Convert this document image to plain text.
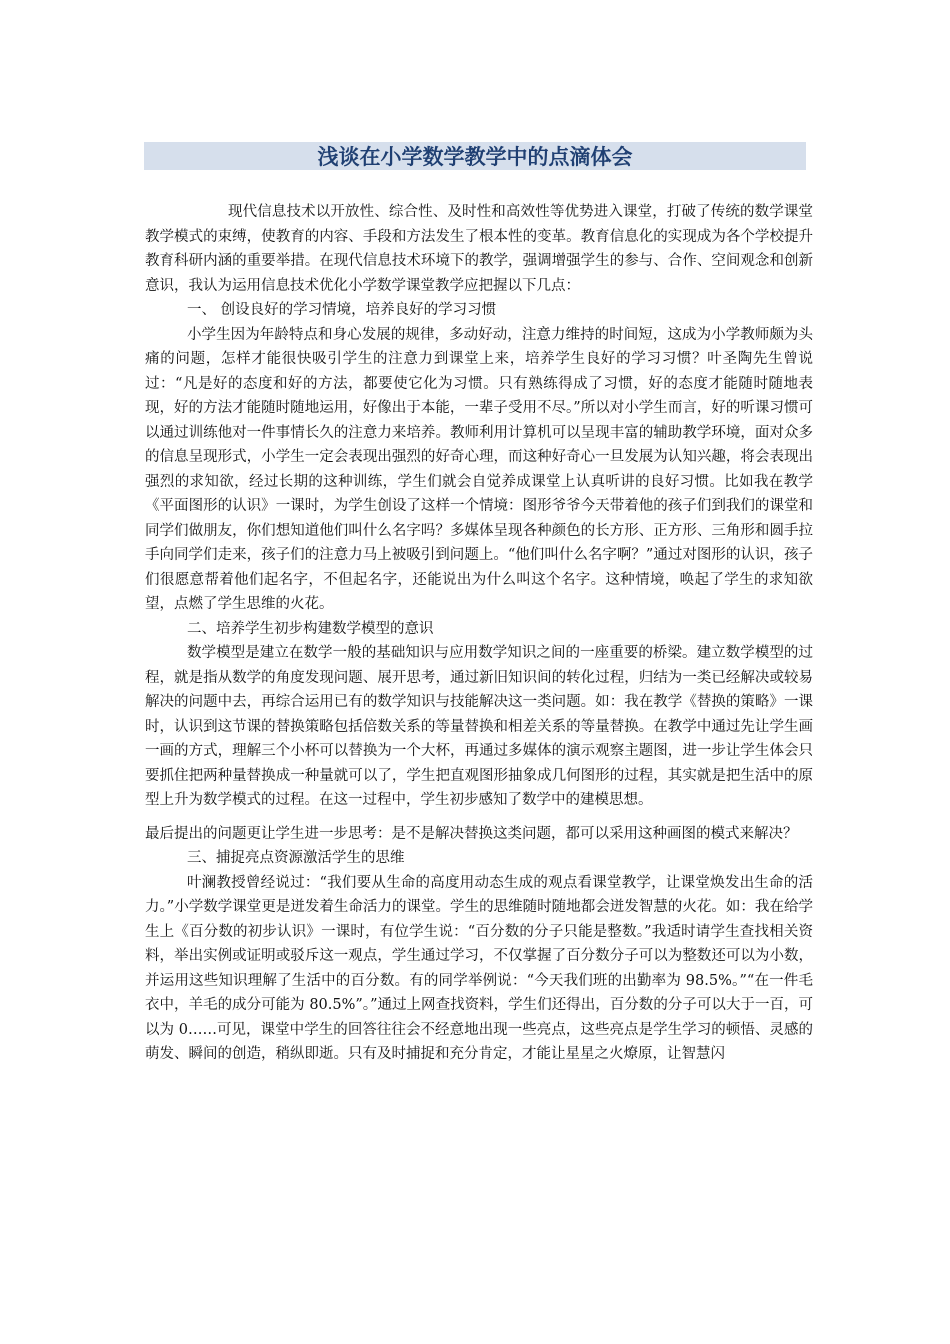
浅谈在小学数学教学中的点滴体会

现代信息技术以开放性、综合性、及时性和高效性等优势进入课堂，打破了传统的数学课堂教学模式的束缚，使教育的内容、手段和方法发生了根本性的变革。教育信息化的实现成为各个学校提升教育科研内涵的重要举措。在现代信息技术环境下的教学，强调增强学生的参与、合作、空间观念和创新意识，我认为运用信息技术优化小学数学课堂教学应把握以下几点：

一、 创设良好的学习情境，培养良好的学习习惯

小学生因为年龄特点和身心发展的规律，多动好动，注意力维持的时间短，这成为小学教师颇为头痛的问题，怎样才能很快吸引学生的注意力到课堂上来，培养学生良好的学习习惯？叶圣陶先生曾说过：“凡是好的态度和好的方法，都要使它化为习惯。只有熟练得成了习惯，好的态度才能随时随地表现，好的方法才能随时随地运用，好像出于本能，一辈子受用不尽。”所以对小学生而言，好的听课习惯可以通过训练他对一件事情长久的注意力来培养。教师利用计算机可以呈现丰富的辅助教学环境，面对众多的信息呈现形式，小学生一定会表现出强烈的好奇心理，而这种好奇心一旦发展为认知兴趣，将会表现出强烈的求知欲，经过长期的这种训练，学生们就会自觉养成课堂上认真听讲的良好习惯。比如我在教学《平面图形的认识》一课时，为学生创设了这样一个情境：图形爷爷今天带着他的孩子们到我们的课堂和同学们做朋友，你们想知道他们叫什么名字吗？多媒体呈现各种颜色的长方形、正方形、三角形和圆手拉手向同学们走来，孩子们的注意力马上被吸引到问题上。“他们叫什么名字啊？”通过对图形的认识，孩子们很愿意帮着他们起名字，不但起名字，还能说出为什么叫这个名字。这种情境，唤起了学生的求知欲望，点燃了学生思维的火花。

二、培养学生初步构建数学模型的意识

数学模型是建立在数学一般的基础知识与应用数学知识之间的一座重要的桥梁。建立数学模型的过程，就是指从数学的角度发现问题、展开思考，通过新旧知识间的转化过程，归结为一类已经解决或较易解决的问题中去，再综合运用已有的数学知识与技能解决这一类问题。如：我在教学《替换的策略》一课时，认识到这节课的替换策略包括倍数关系的等量替换和相差关系的等量替换。在教学中通过先让学生画一画的方式，理解三个小杯可以替换为一个大杯，再通过多媒体的演示观察主题图，进一步让学生体会只要抓住把两种量替换成一种量就可以了，学生把直观图形抽象成几何图形的过程，其实就是把生活中的原型上升为数学模式的过程。在这一过程中，学生初步感知了数学中的建模思想。

最后提出的问题更让学生进一步思考：是不是解决替换这类问题，都可以采用这种画图的模式来解决？

三、捕捉亮点资源激活学生的思维

叶澜教授曾经说过：“我们要从生命的高度用动态生成的观点看课堂教学，让课堂焕发出生命的活力。”小学数学课堂更是迸发着生命活力的课堂。学生的思维随时随地都会迸发智慧的火花。如：我在给学生上《百分数的初步认识》一课时，有位学生说：“百分数的分子只能是整数。”我适时请学生查找相关资料，举出实例或证明或驳斥这一观点，学生通过学习，不仅掌握了百分数分子可以为整数还可以为小数，并运用这些知识理解了生活中的百分数。有的同学举例说：“今天我们班的出勤率为 98.5%。”“在一件毛衣中，羊毛的成分可能为 80.5%”。”通过上网查找资料，学生们还得出，百分数的分子可以大于一百，可以为 0……可见，课堂中学生的回答往往会不经意地出现一些亮点，这些亮点是学生学习的顿悟、灵感的萌发、瞬间的创造，稍纵即逝。只有及时捕捉和充分肯定，才能让星星之火燎原，让智慧闪
